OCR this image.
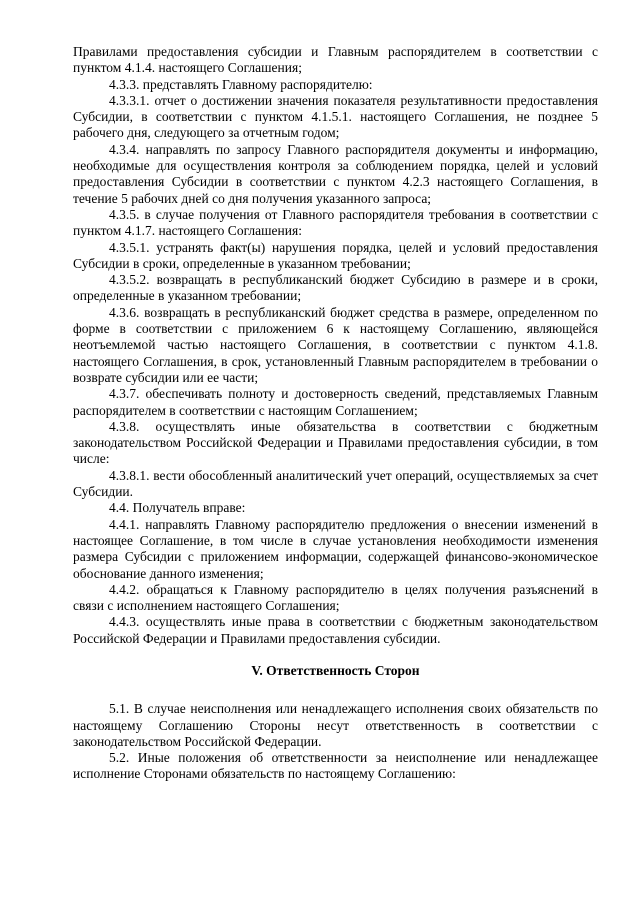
Правилами предоставления субсидии и Главным распорядителем в соответствии с пунктом 4.1.4. настоящего Соглашения;

4.3.3. представлять Главному распорядителю:

4.3.3.1. отчет о достижении значения показателя результативности предоставления Субсидии, в соответствии с пунктом 4.1.5.1. настоящего Соглашения, не позднее 5 рабочего дня, следующего за отчетным годом;

4.3.4. направлять по запросу Главного распорядителя документы и информацию, необходимые для осуществления контроля за соблюдением порядка, целей и условий предоставления Субсидии в соответствии с пунктом 4.2.3 настоящего Соглашения, в течение 5 рабочих дней со дня получения указанного запроса;

4.3.5. в случае получения от Главного распорядителя требования в соответствии с пунктом 4.1.7. настоящего Соглашения:

4.3.5.1. устранять факт(ы) нарушения порядка, целей и условий предоставления Субсидии в сроки, определенные в указанном требовании;

4.3.5.2. возвращать в республиканский бюджет Субсидию в размере и в сроки, определенные в указанном требовании;

4.3.6. возвращать в республиканский бюджет средства в размере, определенном по форме в соответствии с приложением 6 к настоящему Соглашению, являющейся неотъемлемой частью настоящего Соглашения, в соответствии с пунктом 4.1.8. настоящего Соглашения, в срок, установленный Главным распорядителем в требовании о возврате субсидии или ее части;

4.3.7. обеспечивать полноту и достоверность сведений, представляемых Главным распорядителем в соответствии с настоящим Соглашением;

4.3.8. осуществлять иные обязательства в соответствии с бюджетным законодательством Российской Федерации и Правилами предоставления субсидии, в том числе:

4.3.8.1. вести обособленный аналитический учет операций, осуществляемых за счет Субсидии.

4.4. Получатель вправе:

4.4.1. направлять Главному распорядителю предложения о внесении изменений в настоящее Соглашение, в том числе в случае установления необходимости изменения размера Субсидии с приложением информации, содержащей финансово-экономическое обоснование данного изменения;

4.4.2. обращаться к Главному распорядителю в целях получения разъяснений в связи с исполнением настоящего Соглашения;

4.4.3. осуществлять иные права в соответствии с бюджетным законодательством Российской Федерации и Правилами предоставления субсидии.

V. Ответственность Сторон

5.1. В случае неисполнения или ненадлежащего исполнения своих обязательств по настоящему Соглашению Стороны несут ответственность в соответствии с законодательством Российской Федерации.

5.2. Иные положения об ответственности за неисполнение или ненадлежащее исполнение Сторонами обязательств по настоящему Соглашению:
